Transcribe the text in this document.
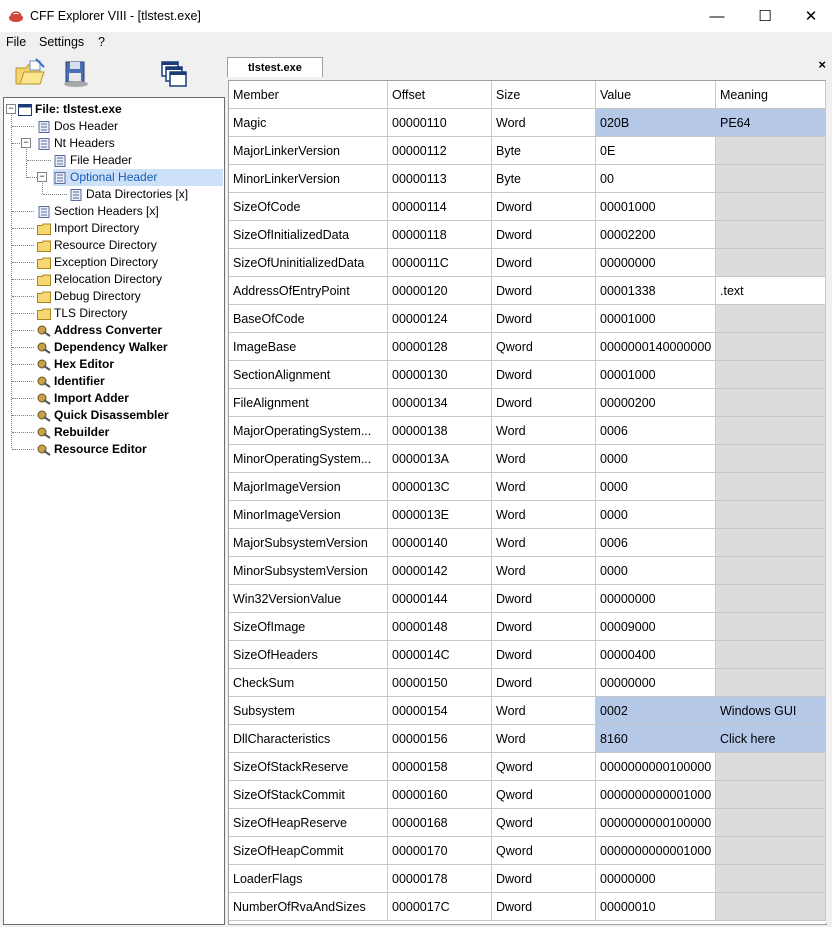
CFF Explorer VIII - [tlstest.exe]	— ☐ ✕
File Settings ?
−
−
−
File: tlstest.exe
Dos Header
Nt Headers
File Header
Optional Header
Data Directories [x]
Section Headers [x]
Import Directory
Resource Directory
Exception Directory
Relocation Directory
Debug Directory
TLS Directory
Address Converter
Dependency Walker
Hex Editor
Identifier
Import Adder
Quick Disassembler
Rebuilder
Resource Editor
tlstest.exe	×
Member	Offset	Size	Value	Meaning
Magic	00000110	Word	020B	PE64
MajorLinkerVersion	00000112	Byte	0E
MinorLinkerVersion	00000113	Byte	00
SizeOfCode	00000114	Dword	00001000
SizeOfInitializedData	00000118	Dword	00002200
SizeOfUninitializedData	0000011C	Dword	00000000
AddressOfEntryPoint	00000120	Dword	00001338	.text
BaseOfCode	00000124	Dword	00001000
ImageBase	00000128	Qword	0000000140000000
SectionAlignment	00000130	Dword	00001000
FileAlignment	00000134	Dword	00000200
MajorOperatingSystem...	00000138	Word	0006
MinorOperatingSystem...	0000013A	Word	0000
MajorImageVersion	0000013C	Word	0000
MinorImageVersion	0000013E	Word	0000
MajorSubsystemVersion	00000140	Word	0006
MinorSubsystemVersion	00000142	Word	0000
Win32VersionValue	00000144	Dword	00000000
SizeOfImage	00000148	Dword	00009000
SizeOfHeaders	0000014C	Dword	00000400
CheckSum	00000150	Dword	00000000
Subsystem	00000154	Word	0002	Windows GUI
DllCharacteristics	00000156	Word	8160	Click here
SizeOfStackReserve	00000158	Qword	0000000000100000
SizeOfStackCommit	00000160	Qword	0000000000001000
SizeOfHeapReserve	00000168	Qword	0000000000100000
SizeOfHeapCommit	00000170	Qword	0000000000001000
LoaderFlags	00000178	Dword	00000000
NumberOfRvaAndSizes	0000017C	Dword	00000010
